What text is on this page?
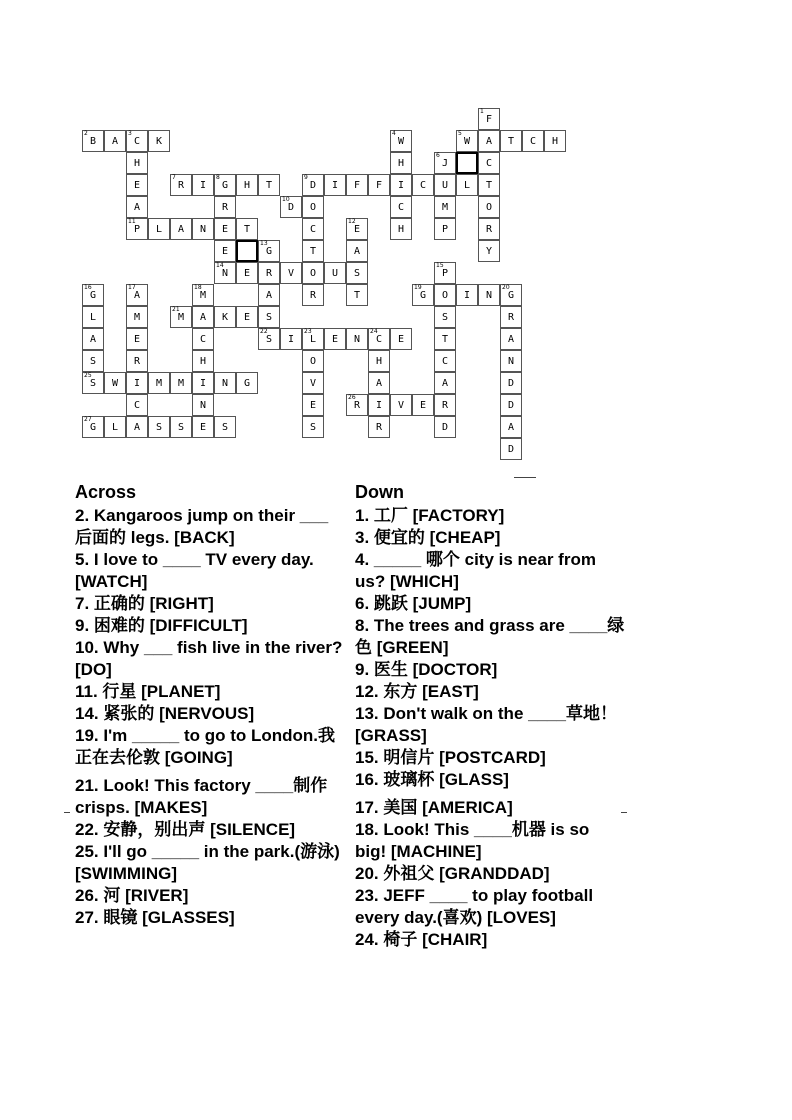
1
F
2
B	A
3
C	K
4
W
5
W	A	T	C	H
H	H
6
J	C
E
7
R	I
8
G	H	T
9
D	I	F	F	I	C	U	L	T
A	R
10
D	O	C	M	O
11
P	L	A	N	E	T	C
12
E	H	P	R
E
13
G	T	A	Y
14
N	E	R	V	O	U	S
15
P
16
G
17
A
18
M	A	R	T
19
G	O	I	N
20
G
L	M
21
M	A	K	E	S	S	R
A	E	C
22
S	I
23
L	E	N
24
C	E	T	A
S	R	H	O	H	C	N
25
S	W	I	M	M	I	N	G	V	A	A	D
C	N	E
26
R	I	V	E	R	D
27
G	L	A	S	S	E	S	S	R	D	A
D
Across

2. Kangaroos jump on their ___后面的 legs. [BACK]

5. I love to ____ TV every day. [WATCH]

7. 正确的 [RIGHT]

9. 困难的 [DIFFICULT]

10. Why ___ fish live in the river? [DO]

11. 行星 [PLANET]

14. 紧张的 [NERVOUS]

19. I'm _____ to go to London.我正在去伦敦 [GOING]

21. Look! This factory ____制作 crisps. [MAKES]

22. 安静，别出声 [SILENCE]

25. I'll go _____ in the park.(游泳) [SWIMMING]

26. 河 [RIVER]

27. 眼镜 [GLASSES]

Down

1. 工厂 [FACTORY]

3. 便宜的 [CHEAP]

4. _____ 哪个 city is near from us? [WHICH]

6. 跳跃 [JUMP]

8. The trees and grass are ____绿色 [GREEN]

9. 医生 [DOCTOR]

12. 东方 [EAST]

13. Don't walk on the ____草地！ [GRASS]

15. 明信片 [POSTCARD]

16. 玻璃杯 [GLASS]

17. 美国 [AMERICA]

18. Look! This ____机器 is so big! [MACHINE]

20. 外祖父 [GRANDDAD]

23. JEFF ____ to play football every day.(喜欢) [LOVES]

24. 椅子 [CHAIR]
